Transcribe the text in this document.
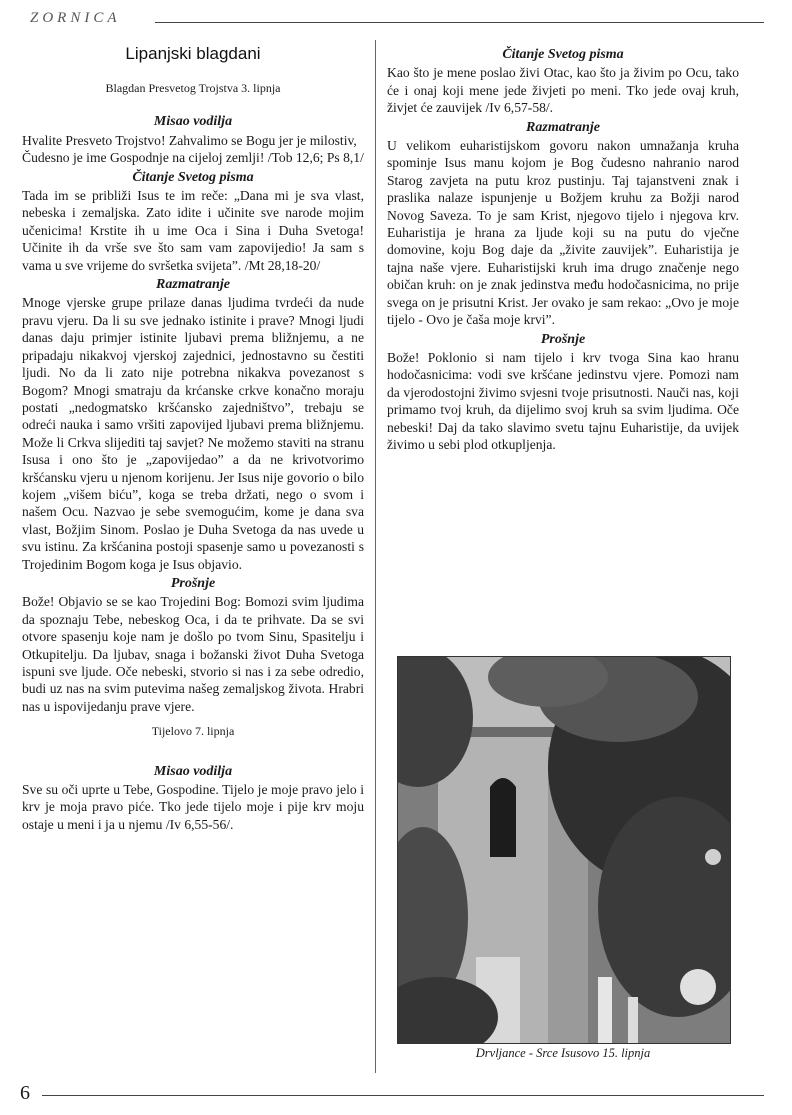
ZORNICA
Lipanjski blagdani

Blagdan Presvetog Trojstva 3. lipnja

Misao vodilja

Hvalite Presveto Trojstvo! Zahvalimo se Bogu jer je milostiv,

Čudesno je ime Gospodnje na cijeloj zemlji! /Tob 12,6; Ps 8,1/

Čitanje Svetog pisma

Tada im se približi Isus te im reče: „Dana mi je sva vlast, nebeska i zemaljska. Zato idite i učinite sve narode mojim učenicima! Krstite ih u ime Oca i Sina i Duha Svetoga! Učinite ih da vrše sve što sam vam zapovijedio! Ja sam s vama u sve vrijeme do svršetka svijeta”. /Mt 28,18-20/

Razmatranje

Mnoge vjerske grupe prilaze danas ljudima tvrdeći da nude pravu vjeru. Da li su sve jednako istinite i prave? Mnogi ljudi danas daju primjer istinite ljubavi prema bližnjemu, a ne pripadaju nikakvoj vjerskoj zajednici, jednostavno su čestiti ljudi. No da li zato nije potrebna nikakva povezanost s Bogom? Mnogi smatraju da krćanske crkve konačno moraju postati „nedogmatsko kršćansko zajedništvo”, trebaju se odreći nauka i samo vršiti zapovijed ljubavi prema bližnjemu. Može li Crkva slijediti taj savjet? Ne možemo staviti na stranu Isusa i ono što je „zapovijedao” a da ne krivotvorimo kršćansku vjeru u njenom korijenu. Jer Isus nije govorio o bilo kojem „višem biću”, koga se treba držati, nego o svom i našem Ocu. Nazvao je sebe svemogućim, kome je dana sva vlast, Božjim Sinom. Poslao je Duha Svetoga da nas uvede u svu istinu. Za kršćanina postoji spasenje samo u povezanosti s Trojedinim Bogom koga je Isus objavio.

Prošnje

Bože! Objavio se se kao Trojedini Bog: Bomozi svim ljudima da spoznaju Tebe, nebeskog Oca, i da te prihvate. Da se svi otvore spasenju koje nam je došlo po tvom Sinu, Spasitelju i Otkupitelju. Da ljubav, snaga i božanski život Duha Svetoga ispuni sve ljude. Oče nebeski, stvorio si nas i za sebe odredio, budi uz nas na svim putevima našeg zemaljskog života. Hrabri nas u ispovijedanju prave vjere.

Tijelovo 7. lipnja

Misao vodilja

Sve su oči uprte u Tebe, Gospodine. Tijelo je moje pravo jelo i krv je moja pravo piće. Tko jede tijelo moje i pije krv moju ostaje u meni i ja u njemu /Iv 6,55-56/.

Čitanje Svetog pisma

Kao što je mene poslao živi Otac, kao što ja živim po Ocu, tako će i onaj koji mene jede živjeti po meni. Tko jede ovaj kruh, živjet će zauvijek /Iv 6,57-58/.

Razmatranje

U velikom euharistijskom govoru nakon umnažanja kruha spominje Isus manu kojom je Bog čudesno nahranio narod Starog zavjeta na putu kroz pustinju. Taj tajanstveni znak i praslika nalaze ispunjenje u Božjem kruhu za Božji narod Novog Saveza. To je sam Krist, njegovo tijelo i njegova krv. Euharistija je hrana za ljude koji su na putu do vječne domovine, koju Bog daje da „živite zauvijek”. Euharistija je tajna naše vjere. Euharistijski kruh ima drugo značenje nego običan kruh: on je znak jedinstva među hodočasnicima, no prije svega on je prisutni Krist. Jer ovako je sam rekao: „Ovo je moje tijelo - Ovo je čaša moje krvi”.

Prošnje

Bože! Poklonio si nam tijelo i krv tvoga Sina kao hranu hodočasnicima: vodi sve kršćane jedinstvu vjere. Pomozi nam da vjerodostojni živimo svjesni tvoje prisutnosti. Nauči nas, koji primamo tvoj kruh, da dijelimo svoj kruh sa svim ljudima. Oče nebeski! Daj da tako slavimo svetu tajnu Euharistije, da uvijek živimo u sebi plod otkupljenja.

Drvljance - Srce Isusovo 15. lipnja
6
